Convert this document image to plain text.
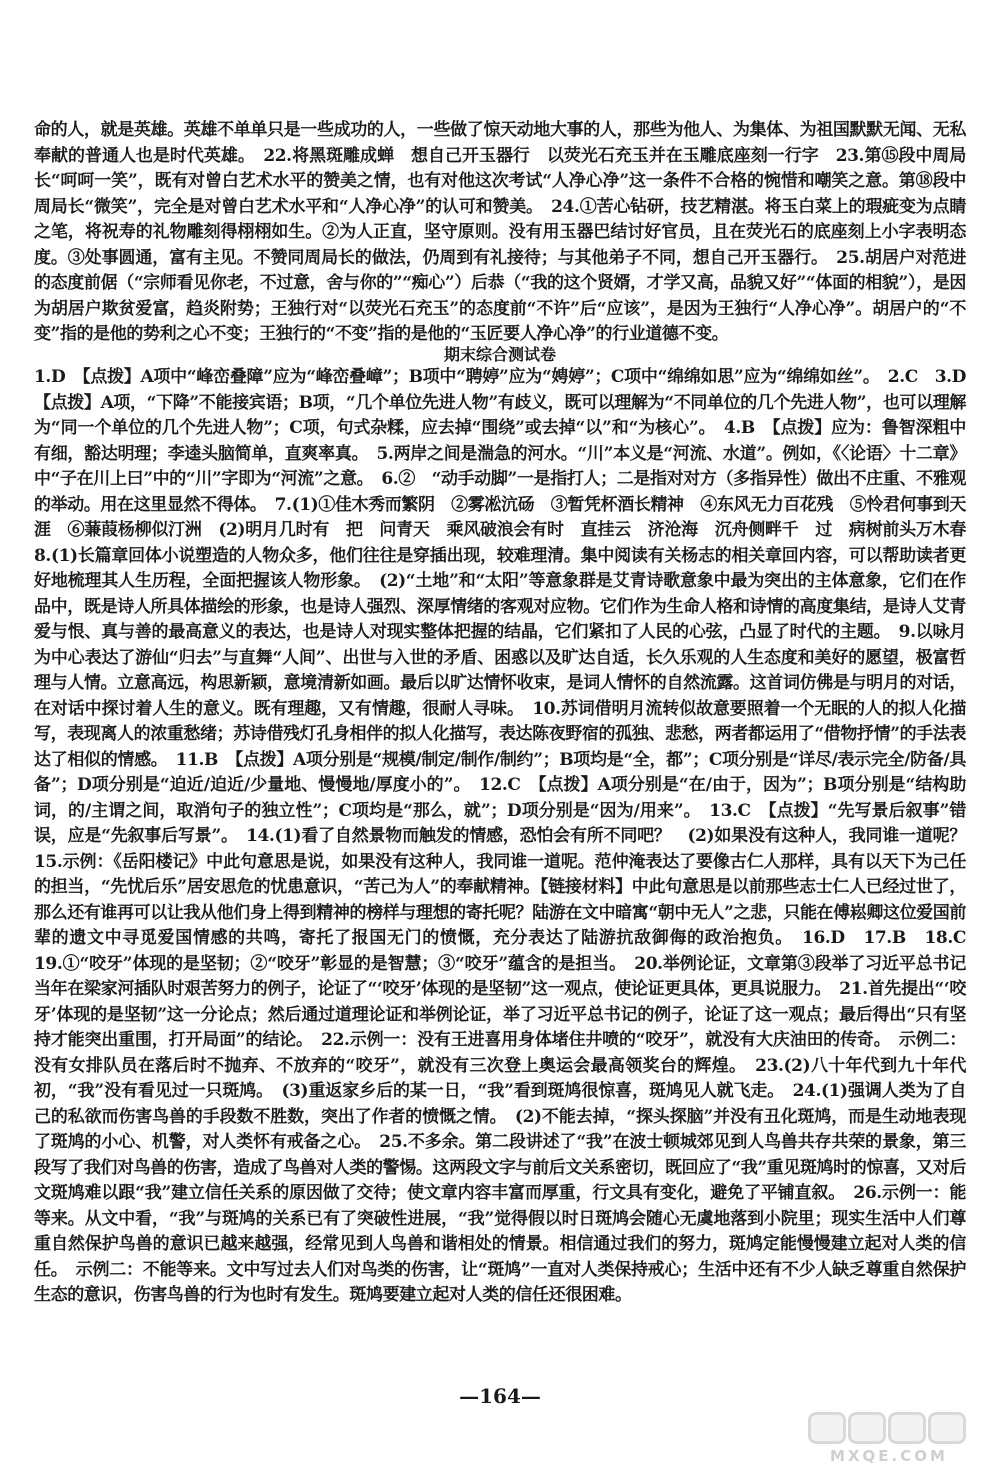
命的人，就是英雄。英雄不单单只是一些成功的人，一些做了惊天动地大事的人，那些为他人、为集体、为祖国默默无闻、无私奉献的普通人也是时代英雄。　22.将黑斑雕成蝉　想自己开玉器行　以荧光石充玉并在玉雕底座刻一行字　23.第⑮段中周局长“呵呵一笑”，既有对曾白艺术水平的赞美之情，也有对他这次考试“人净心净”这一条件不合格的惋惜和嘲笑之意。第⑱段中周局长“微笑”，完全是对曾白艺术水平和“人净心净”的认可和赞美。　24.①苦心钻研，技艺精湛。将玉白菜上的瑕疵变为点睛之笔，将祝寿的礼物雕刻得栩栩如生。②为人正直，坚守原则。没有用玉器巴结讨好官员，且在荧光石的底座刻上小字表明态度。③处事圆通，富有主见。不赞同周局长的做法，仍周到有礼接待；与其他弟子不同，想自己开玉器行。　25.胡居户对范进的态度前倨（“宗师看见你老，不过意，舍与你的”“痴心”）后恭（“我的这个贤婿，才学又高，品貌又好”“体面的相貌”），是因为胡居户欺贫爱富，趋炎附势；王独行对“以荧光石充玉”的态度前“不许”后“应该”，是因为王独行“人净心净”。胡居户的“不变”指的是他的势利之心不变；王独行的“不变”指的是他的“玉匠要人净心净”的行业道德不变。

期末综合测试卷

1.D　【点拨】A项中“峰峦叠障”应为“峰峦叠嶂”；B项中“聘婷”应为“娉婷”；C项中“绵绵如思”应为“绵绵如丝”。　2.C　3.D　【点拨】A项，“下降”不能接宾语；B项，“几个单位先进人物”有歧义，既可以理解为“不同单位的几个先进人物”，也可以理解为“同一个单位的几个先进人物”；C项，句式杂糅，应去掉“围绕”或去掉“以”和“为核心”。　4.B　【点拨】应为：鲁智深粗中有细，豁达明理；李逵头脑简单，直爽率真。　5.两岸之间是湍急的河水。“川”本义是“河流、水道”。例如，《〈论语〉十二章》中“子在川上曰”中的“川”字即为“河流”之意。　6.②　“动手动脚”一是指打人；二是指对对方（多指异性）做出不庄重、不雅观的举动。用在这里显然不得体。　7.(1)①佳木秀而繁阴　②雾凇沆砀　③暂凭杯酒长精神　④东风无力百花残　⑤怜君何事到天涯　⑥蒹葭杨柳似汀洲　(2)明月几时有　把　问青天　乘风破浪会有时　直挂云　济沧海　沉舟侧畔千　过　病树前头万木春　8.(1)长篇章回体小说塑造的人物众多，他们往往是穿插出现，较难理清。集中阅读有关杨志的相关章回内容，可以帮助读者更好地梳理其人生历程，全面把握该人物形象。　(2)“土地”和“太阳”等意象群是艾青诗歌意象中最为突出的主体意象，它们在作品中，既是诗人所具体描绘的形象，也是诗人强烈、深厚情绪的客观对应物。它们作为生命人格和诗情的高度集结，是诗人艾青爱与恨、真与善的最高意义的表达，也是诗人对现实整体把握的结晶，它们紧扣了人民的心弦，凸显了时代的主题。　9.以咏月为中心表达了游仙“归去”与直舞“人间”、出世与入世的矛盾、困惑以及旷达自适，长久乐观的人生态度和美好的愿望，极富哲理与人情。立意高远，构思新颖，意境清新如画。最后以旷达情怀收束，是词人情怀的自然流露。这首词仿佛是与明月的对话，在对话中探讨着人生的意义。既有理趣，又有情趣，很耐人寻味。　10.苏词借明月流转似故意要照着一个无眠的人的拟人化描写，表现离人的浓重愁绪；苏诗借残灯孔身相伴的拟人化描写，表达陈夜野宿的孤独、悲愁，两者都运用了“借物抒情”的手法表达了相似的情感。　11.B　【点拨】A项分别是“规模/制定/制作/制约”；B项均是“全，都”；C项分别是“详尽/表示完全/防备/具备”；D项分别是“迫近/迫近/少量地、慢慢地/厚度小的”。　12.C　【点拨】A项分别是“在/由于，因为”；B项分别是“结构助词，的/主谓之间，取消句子的独立性”；C项均是“那么，就”；D项分别是“因为/用来”。　13.C　【点拨】“先写景后叙事”错误，应是“先叙事后写景”。　14.(1)看了自然景物而触发的情感，恐怕会有所不同吧？　(2)如果没有这种人，我同谁一道呢？　15.示例：《岳阳楼记》中此句意思是说，如果没有这种人，我同谁一道呢。范仲淹表达了要像古仁人那样，具有以天下为己任的担当，“先忧后乐”居安思危的忧患意识，“苦己为人”的奉献精神。【链接材料】中此句意思是以前那些志士仁人已经过世了，那么还有谁再可以让我从他们身上得到精神的榜样与理想的寄托呢？陆游在文中暗寓“朝中无人”之悲，只能在傅崧卿这位爱国前辈的遗文中寻觅爱国情感的共鸣，寄托了报国无门的愤慨，充分表达了陆游抗敌御侮的政治抱负。　16.D　17.B　18.C　19.①“咬牙”体现的是坚韧；②“咬牙”彰显的是智慧；③“咬牙”蕴含的是担当。　20.举例论证，文章第③段举了习近平总书记当年在梁家河插队时艰苦努力的例子，论证了“‘咬牙’体现的是坚韧”这一观点，使论证更具体，更具说服力。　21.首先提出“‘咬牙’体现的是坚韧”这一分论点；然后通过道理论证和举例论证，举了习近平总书记的例子，论证了这一观点；最后得出“只有坚持才能突出重围，打开局面”的结论。　22.示例一：没有王进喜用身体堵住井喷的“咬牙”，就没有大庆油田的传奇。　示例二：没有女排队员在落后时不抛弃、不放弃的“咬牙”，就没有三次登上奥运会最高领奖台的辉煌。　23.(2)八十年代到九十年代初，“我”没有看见过一只斑鸠。　(3)重返家乡后的某一日，“我”看到斑鸠很惊喜，斑鸠见人就飞走。　24.(1)强调人类为了自己的私欲而伤害鸟兽的手段数不胜数，突出了作者的愤慨之情。　(2)不能去掉，“探头探脑”并没有丑化斑鸠，而是生动地表现了斑鸠的小心、机警，对人类怀有戒备之心。　25.不多余。第二段讲述了“我”在波士顿城郊见到人鸟兽共存共荣的景象，第三段写了我们对鸟兽的伤害，造成了鸟兽对人类的警惕。这两段文字与前后文关系密切，既回应了“我”重见斑鸠时的惊喜，又对后文斑鸠难以跟“我”建立信任关系的原因做了交待；使文章内容丰富而厚重，行文具有变化，避免了平铺直叙。　26.示例一：能等来。从文中看，“我”与斑鸠的关系已有了突破性进展，“我”觉得假以时日斑鸠会随心无虞地落到小院里；现实生活中人们尊重自然保护鸟兽的意识已越来越强，经常见到人鸟兽和谐相处的情景。相信通过我们的努力，斑鸠定能慢慢建立起对人类的信任。　示例二：不能等来。文中写过去人们对鸟类的伤害，让“斑鸠”一直对人类保持戒心；生活中还有不少人缺乏尊重自然保护生态的意识，伤害鸟兽的行为也时有发生。斑鸠要建立起对人类的信任还很困难。

—164—
MXQE.COM
